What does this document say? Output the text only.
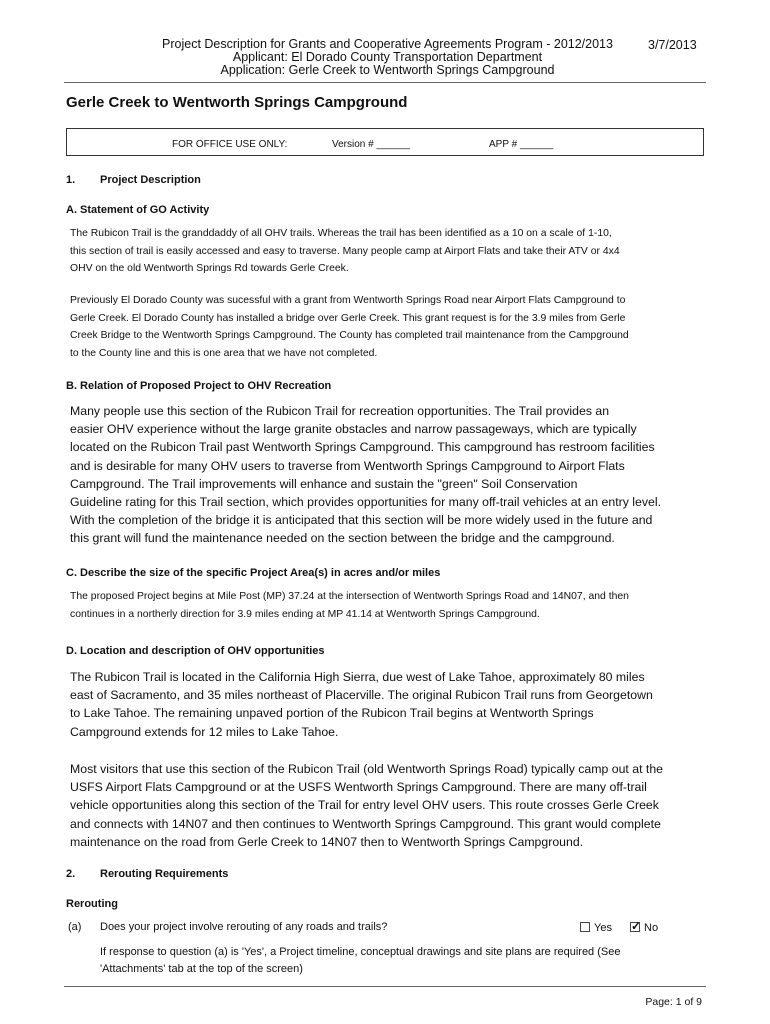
Project Description for Grants and Cooperative Agreements Program - 2012/2013
Applicant: El Dorado County Transportation Department
Application: Gerle Creek to Wentworth Springs Campground
3/7/2013
Gerle Creek to Wentworth Springs Campground
FOR OFFICE USE ONLY:	Version # ______	APP # ______
1. Project Description
A. Statement of GO Activity

The Rubicon Trail is the granddaddy of all OHV trails. Whereas the trail has been identified as a 10 on a scale of 1-10,
this section of trail is easily accessed and easy to traverse. Many people camp at Airport Flats and take their ATV or 4x4
OHV on the old Wentworth Springs Rd towards Gerle Creek.

Previously El Dorado County was sucessful with a grant from Wentworth Springs Road near Airport Flats Campground to
Gerle Creek. El Dorado County has installed a bridge over Gerle Creek. This grant request is for the 3.9 miles from Gerle
Creek Bridge to the Wentworth Springs Campground. The County has completed trail maintenance from the Campground
to the County line and this is one area that we have not completed.

B. Relation of Proposed Project to OHV Recreation

Many people use this section of the Rubicon Trail for recreation opportunities. The Trail provides an
easier OHV experience without the large granite obstacles and narrow passageways, which are typically
located on the Rubicon Trail past Wentworth Springs Campground. This campground has restroom facilities
and is desirable for many OHV users to traverse from Wentworth Springs Campground to Airport Flats
Campground. The Trail improvements will enhance and sustain the "green" Soil Conservation
Guideline rating for this Trail section, which provides opportunities for many off-trail vehicles at an entry level.
With the completion of the bridge it is anticipated that this section will be more widely used in the future and
this grant will fund the maintenance needed on the section between the bridge and the campground.

C. Describe the size of the specific Project Area(s) in acres and/or miles

The proposed Project begins at Mile Post (MP) 37.24 at the intersection of Wentworth Springs Road and 14N07, and then
continues in a northerly direction for 3.9 miles ending at MP 41.14 at Wentworth Springs Campground.

D. Location and description of OHV opportunities

The Rubicon Trail is located in the California High Sierra, due west of Lake Tahoe, approximately 80 miles
east of Sacramento, and 35 miles northeast of Placerville. The original Rubicon Trail runs from Georgetown
to Lake Tahoe. The remaining unpaved portion of the Rubicon Trail begins at Wentworth Springs
Campground extends for 12 miles to Lake Tahoe.

Most visitors that use this section of the Rubicon Trail (old Wentworth Springs Road) typically camp out at the
USFS Airport Flats Campground or at the USFS Wentworth Springs Campground. There are many off-trail
vehicle opportunities along this section of the Trail for entry level OHV users. This route crosses Gerle Creek
and connects with 14N07 and then continues to Wentworth Springs Campground. This grant would complete
maintenance on the road from Gerle Creek to 14N07 then to Wentworth Springs Campground.

2. Rerouting Requirements
Rerouting
(a) Does your project involve rerouting of any roads and trails?	Yes ✓	No

If response to question (a) is 'Yes', a Project timeline, conceptual drawings and site plans are required (See
'Attachments' tab at the top of the screen)

Page: 1 of 9
